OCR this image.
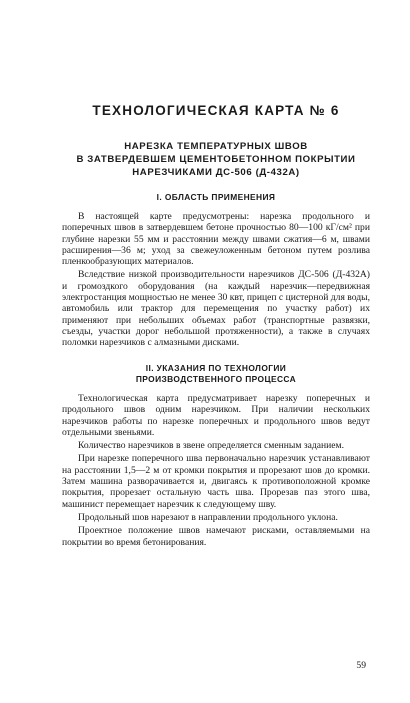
ТЕХНОЛОГИЧЕСКАЯ КАРТА № 6
НАРЕЗКА ТЕМПЕРАТУРНЫХ ШВОВ
В ЗАТВЕРДЕВШЕМ ЦЕМЕНТОБЕТОННОМ ПОКРЫТИИ
НАРЕЗЧИКАМИ ДС-506 (Д-432А)
I. ОБЛАСТЬ ПРИМЕНЕНИЯ

В настоящей карте предусмотрены: нарезка продольного и поперечных швов в затвердевшем бетоне прочностью 80—100 кГ/см² при глубине нарезки 55 мм и расстоянии между швами сжатия—6 м, швами расширения—36 м; уход за свежеуложенным бетоном путем розлива пленкообразующих материалов.

Вследствие низкой производительности нарезчиков ДС-506 (Д-432А) и громоздкого оборудования (на каждый нарезчик—передвижная электростанция мощностью не менее 30 квт, прицеп с цистерной для воды, автомобиль или трактор для перемещения по участку работ) их применяют при небольших объемах работ (транспортные развязки, съезды, участки дорог небольшой протяженности), а также в случаях поломки нарезчиков с алмазными дисками.

II. УКАЗАНИЯ ПО ТЕХНОЛОГИИ
ПРОИЗВОДСТВЕННОГО ПРОЦЕССА

Технологическая карта предусматривает нарезку поперечных и продольного швов одним нарезчиком. При наличии нескольких нарезчиков работы по нарезке поперечных и продольного швов ведут отдельными звеньями.

Количество нарезчиков в звене определяется сменным заданием.

При нарезке поперечного шва первоначально нарезчик устанавливают на расстоянии 1,5—2 м от кромки покрытия и прорезают шов до кромки. Затем машина разворачивается и, двигаясь к противоположной кромке покрытия, прорезает остальную часть шва. Прорезав паз этого шва, машинист перемещает нарезчик к следующему шву.

Продольный шов нарезают в направлении продольного уклона.

Проектное положение швов намечают рисками, оставляемыми на покрытии во время бетонирования.

59
